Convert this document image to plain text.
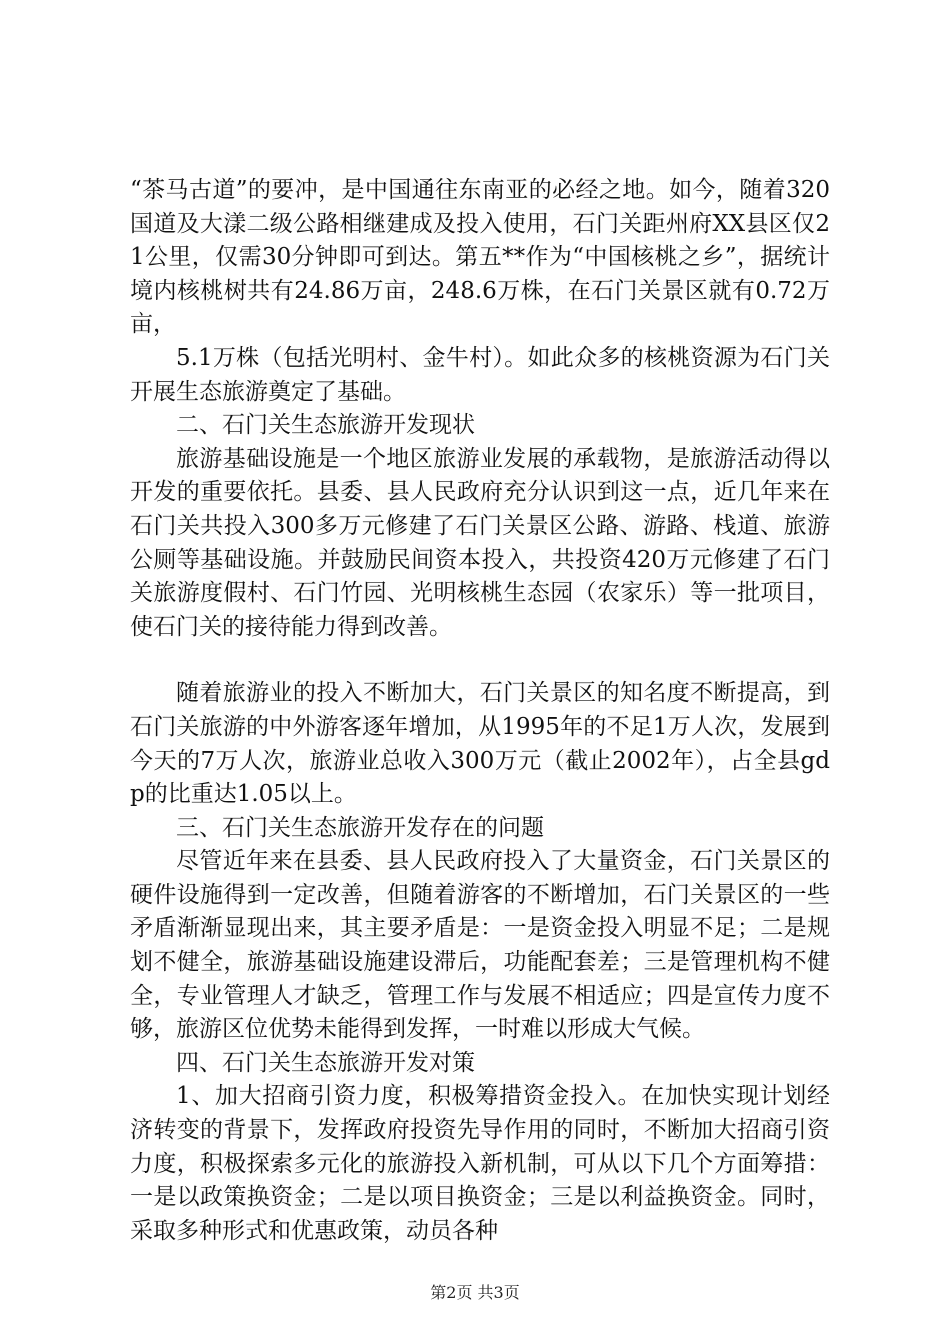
“茶马古道”的要冲，是中国通往东南亚的必经之地。如今，随着320国道及大漾二级公路相继建成及投入使用，石门关距州府XX县区仅21公里，仅需30分钟即可到达。第五**作为“中国核桃之乡”，据统计境内核桃树共有24.86万亩，248.6万株，在石门关景区就有0.72万亩，

5.1万株（包括光明村、金牛村）。如此众多的核桃资源为石门关开展生态旅游奠定了基础。

二、石门关生态旅游开发现状

旅游基础设施是一个地区旅游业发展的承载物，是旅游活动得以开发的重要依托。县委、县人民政府充分认识到这一点，近几年来在石门关共投入300多万元修建了石门关景区公路、游路、栈道、旅游公厕等基础设施。并鼓励民间资本投入，共投资420万元修建了石门关旅游度假村、石门竹园、光明核桃生态园（农家乐）等一批项目，使石门关的接待能力得到改善。

随着旅游业的投入不断加大，石门关景区的知名度不断提高，到石门关旅游的中外游客逐年增加，从1995年的不足1万人次，发展到今天的7万人次，旅游业总收入300万元（截止2002年），占全县gdp的比重达1.05以上。

三、石门关生态旅游开发存在的问题

尽管近年来在县委、县人民政府投入了大量资金，石门关景区的硬件设施得到一定改善，但随着游客的不断增加，石门关景区的一些矛盾渐渐显现出来，其主要矛盾是：一是资金投入明显不足；二是规划不健全，旅游基础设施建设滞后，功能配套差；三是管理机构不健全，专业管理人才缺乏，管理工作与发展不相适应；四是宣传力度不够，旅游区位优势未能得到发挥，一时难以形成大气候。

四、石门关生态旅游开发对策

1、加大招商引资力度，积极筹措资金投入。在加快实现计划经济转变的背景下，发挥政府投资先导作用的同时，不断加大招商引资力度，积极探索多元化的旅游投入新机制，可从以下几个方面筹措：一是以政策换资金；二是以项目换资金；三是以利益换资金。同时，采取多种形式和优惠政策，动员各种

第2页 共3页
